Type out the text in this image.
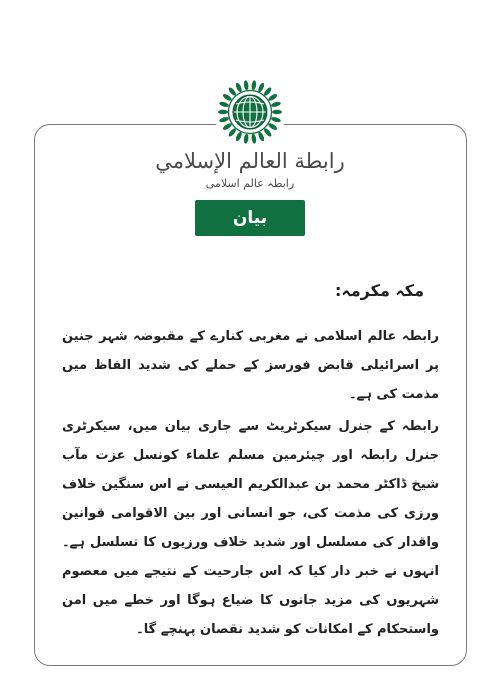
رابطة العالم الإسلامي
رابطہ عالم اسلامی
بیان
مکہ مکرمہ:

رابطہ عالم اسلامی نے مغربی کنارے کے مقبوضہ شہر جنین پر اسرائیلی قابض فورسز کے حملے کی شدید الفاظ میں مذمت کی ہے۔

رابطہ کے جنرل سیکرٹریٹ سے جاری بیان میں، سیکرٹری جنرل رابطہ اور چیئرمین مسلم علماء کونسل عزت مآب شیخ ڈاکٹر محمد بن عبدالکریم العیسی نے اس سنگین خلاف ورزی کی مذمت کی، جو انسانی اور بین الاقوامی قوانین واقدار کی مسلسل اور شدید خلاف ورزیوں کا تسلسل ہے۔ انہوں نے خبر دار کیا کہ اس جارحیت کے نتیجے میں معصوم شہریوں کی مزید جانوں کا ضیاع ہوگا اور خطے میں امن واستحکام کے امکانات کو شدید نقصان پہنچے گا۔
